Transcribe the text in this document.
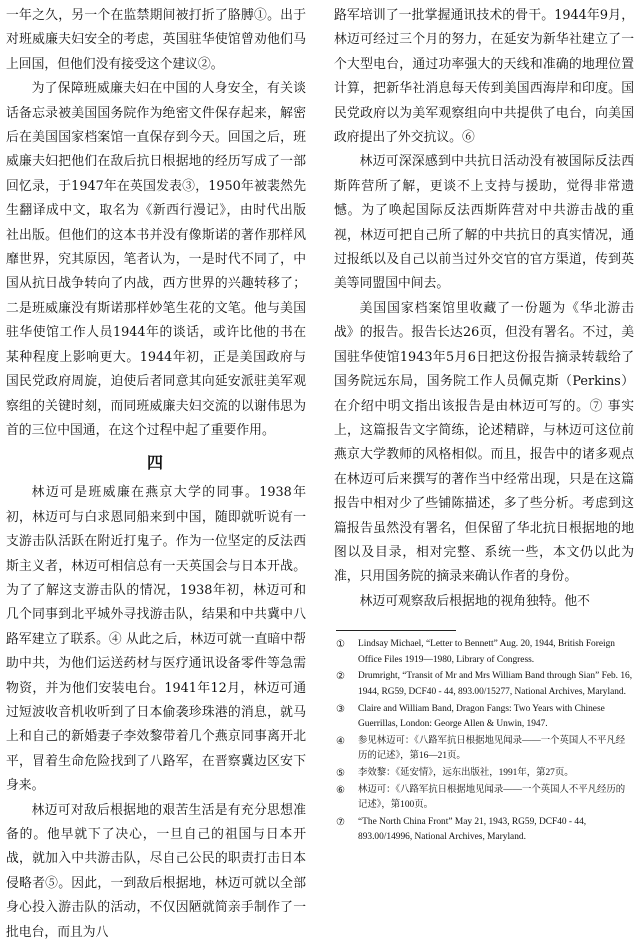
一年之久，另一个在监禁期间被打折了胳膊①。出于对班威廉夫妇安全的考虑，英国驻华使馆曾劝他们马上回国，但他们没有接受这个建议②。

为了保障班威廉夫妇在中国的人身安全，有关谈话备忘录被美国国务院作为绝密文件保存起来，解密后在美国国家档案馆一直保存到今天。回国之后，班威廉夫妇把他们在敌后抗日根据地的经历写成了一部回忆录，于1947年在英国发表③，1950年被裴然先生翻译成中文，取名为《新西行漫记》，由时代出版社出版。但他们的这本书并没有像斯诺的著作那样风靡世界，究其原因，笔者认为，一是时代不同了，中国从抗日战争转向了内战，西方世界的兴趣转移了；二是班威廉没有斯诺那样妙笔生花的文笔。他与美国驻华使馆工作人员1944年的谈话，或许比他的书在某种程度上影响更大。1944年初，正是美国政府与国民党政府周旋，迫使后者同意其向延安派驻美军观察组的关键时刻，而同班威廉夫妇交流的以谢伟思为首的三位中国通，在这个过程中起了重要作用。

四

林迈可是班威廉在燕京大学的同事。1938年初，林迈可与白求恩同船来到中国，随即就听说有一支游击队活跃在附近打鬼子。作为一位坚定的反法西斯主义者，林迈可相信总有一天英国会与日本开战。为了了解这支游击队的情况，1938年初，林迈可和几个同事到北平城外寻找游击队，结果和中共冀中八路军建立了联系。④ 从此之后，林迈可就一直暗中帮助中共，为他们运送药材与医疗通讯设备零件等急需物资，并为他们安装电台。1941年12月，林迈可通过短波收音机收听到了日本偷袭珍珠港的消息，就马上和自己的新婚妻子李效黎带着几个燕京同事离开北平，冒着生命危险找到了八路军，在晋察冀边区安下身来。

林迈可对敌后根据地的艰苦生活是有充分思想准备的。他早就下了决心，一旦自己的祖国与日本开战，就加入中共游击队，尽自己公民的职责打击日本侵略者⑤。因此，一到敌后根据地，林迈可就以全部身心投入游击队的活动，不仅因陋就简亲手制作了一批电台，而且为八

路军培训了一批掌握通讯技术的骨干。1944年9月，林迈可经过三个月的努力，在延安为新华社建立了一个大型电台，通过功率强大的天线和准确的地理位置计算，把新华社消息每天传到美国西海岸和印度。国民党政府以为美军观察组向中共提供了电台，向美国政府提出了外交抗议。⑥

林迈可深深感到中共抗日活动没有被国际反法西斯阵营所了解，更谈不上支持与援助，觉得非常遗憾。为了唤起国际反法西斯阵营对中共游击战的重视，林迈可把自己所了解的中共抗日的真实情况，通过报纸以及自己以前当过外交官的官方渠道，传到英美等同盟国中间去。

美国国家档案馆里收藏了一份题为《华北游击战》的报告。报告长达26页，但没有署名。不过，美国驻华使馆1943年5月6日把这份报告摘录转载给了国务院远东局，国务院工作人员佩克斯（Perkins）在介绍中明文指出该报告是由林迈可写的。⑦ 事实上，这篇报告文字简练，论述精辟，与林迈可这位前燕京大学教师的风格相似。而且，报告中的诸多观点在林迈可后来撰写的著作当中经常出现，只是在这篇报告中相对少了些铺陈描述，多了些分析。考虑到这篇报告虽然没有署名，但保留了华北抗日根据地的地图以及目录，相对完整、系统一些，本文仍以此为准，只用国务院的摘录来确认作者的身份。

林迈可观察敌后根据地的视角独特。他不

① Lindsay Michael, “Letter to Bennett” Aug. 20, 1944, British Foreign Office Files 1919—1980, Library of Congress.
② Drumright, “Transit of Mr and Mrs William Band through Sian” Feb. 16, 1944, RG59, DCF40 - 44, 893.00/15277, National Archives, Maryland.
③ Claire and William Band, Dragon Fangs: Two Years with Chinese Guerrillas, London: George Allen & Unwin, 1947.
④ 参见林迈可：《八路军抗日根据地见闻录——一个英国人不平凡经历的记述》，第16—21页。
⑤ 李效黎：《延安情》，远东出版社，1991年，第27页。
⑥ 林迈可：《八路军抗日根据地见闻录——一个英国人不平凡经历的记述》，第100页。
⑦ “The North China Front” May 21, 1943, RG59, DCF40 - 44, 893.00/14996, National Archives, Maryland.
